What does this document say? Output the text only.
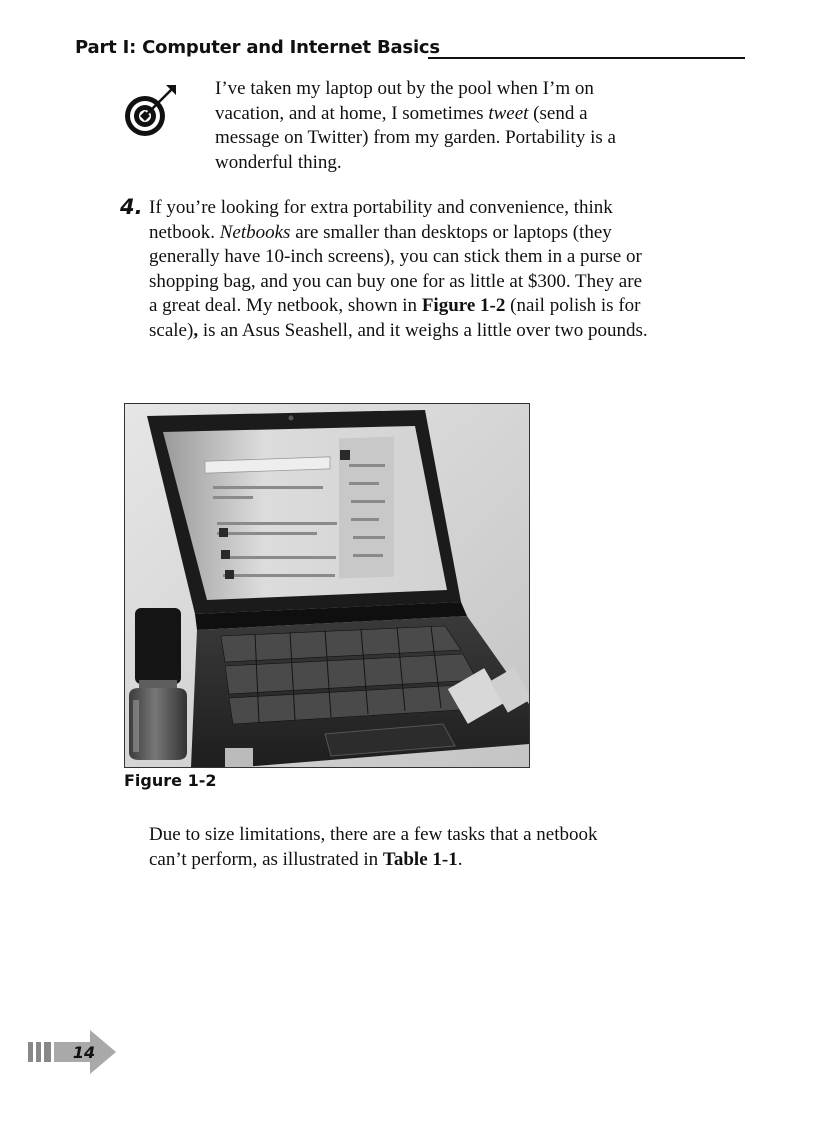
Part I: Computer and Internet Basics

I’ve taken my laptop out by the pool when I’m on vacation, and at home, I sometimes tweet (send a message on Twitter) from my garden. Portability is a wonderful thing.

4. If you’re looking for extra portability and convenience, think netbook. Netbooks are smaller than desktops or laptops (they generally have 10-inch screens), you can stick them in a purse or shopping bag, and you can buy one for as little at $300. They are a great deal. My netbook, shown in Figure 1-2 (nail polish is for scale), is an Asus Seashell, and it weighs a little over two pounds.

Figure 1-2

Due to size limitations, there are a few tasks that a netbook can’t perform, as illustrated in Table 1-1.

14
